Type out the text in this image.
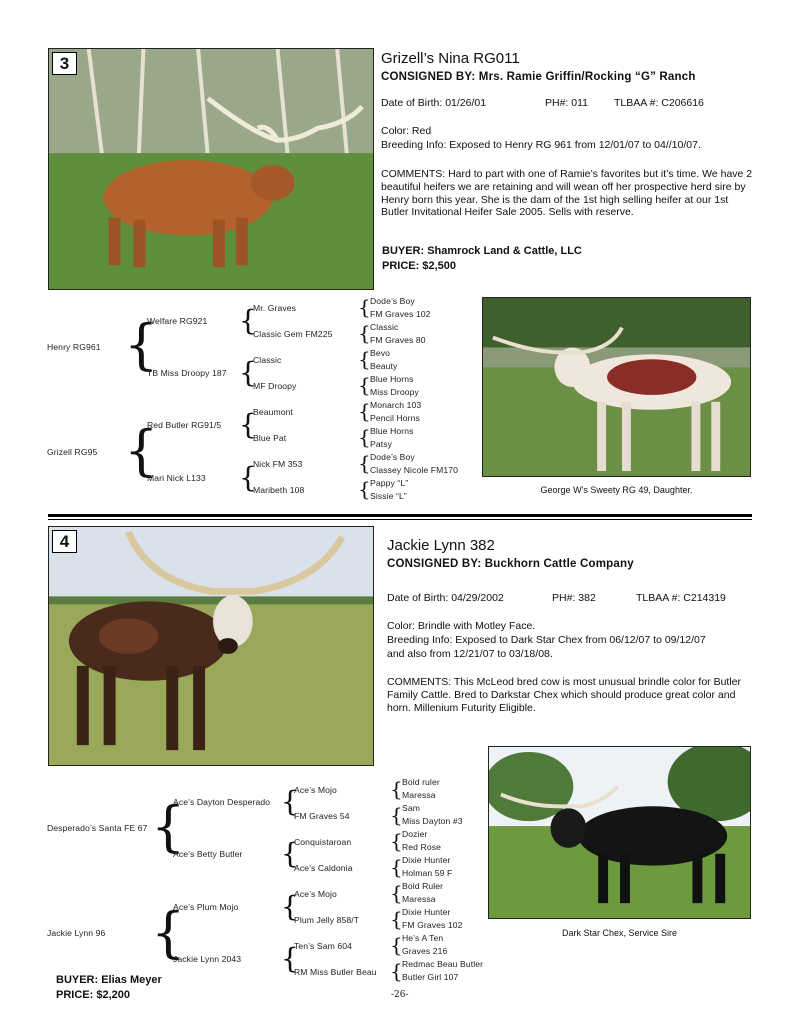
3	Grizell’s Nina RG011
CONSIGNED BY: Mrs. Ramie Griffin/Rocking “G” Ranch
Date of Birth: 01/26/01	PH#: 011 TLBAA #: C206616
Color: Red
Breeding Info: Exposed to Henry RG 961 from 12/01/07 to 04//10/07.
COMMENTS: Hard to part with one of Ramie’s favorites but it’s time. We have 2 beautiful heifers we are retaining and will wean off her prospective herd sire by Henry born this year. She is the dam of the 1st high selling heifer at our 1st Butler Invitational Heifer Sale 2005. Sells with reserve.
BUYER: Shamrock Land & Cattle, LLC
PRICE: $2,500
Henry RG961
Grizell RG95
{
{
Welfare RG921
TB Miss Droopy 187
Red Butler RG91/5
Mari Nick L133
{
{
{
{
Mr. Graves
Classic Gem FM225
Classic
MF Droopy
Beaumont
Blue Pat
Nick FM 353
Maribeth 108
{
{
{
{
{
{
{
{
Dode’s Boy
FM Graves 102
Classic
FM Graves 80
Bevo
Beauty
Blue Horns
Miss Droopy
Monarch 103
Pencil Horns
Blue Horns
Patsy
Dode’s Boy
Classey Nicole FM170
Pappy “L”
Sissie “L”
George W’s Sweety RG 49, Daughter.
4	Jackie Lynn 382
CONSIGNED BY: Buckhorn Cattle Company
Date of Birth: 04/29/2002	PH#: 382	TLBAA #: C214319
Color: Brindle with Motley Face.
Breeding Info: Exposed to Dark Star Chex from 06/12/07 to 09/12/07
and also from 12/21/07 to 03/18/08.
COMMENTS: This McLeod bred cow is most unusual brindle color for Butler Family Cattle. Bred to Darkstar Chex which should produce great color and horn. Millenium Futurity Eligible.
Desperado’s Santa FE 67
Jackie Lynn 96
{
{
Ace’s Dayton Desperado
Ace’s Betty Butler
Ace’s Plum Mojo
Jackie Lynn 2043
{
{
{
{
Ace’s Mojo
FM Graves 54
Conquistaroan
Ace’s Caldonia
Ace’s Mojo
Plum Jelly 858/T
Ten’s Sam 604
RM Miss Butler Beau
{
{
{
{
{
{
{
{
Bold ruler
Maressa
Sam
Miss Dayton #3
Dozier
Red Rose
Dixie Hunter
Holman 59 F
Bold Ruler
Maressa
Dixie Hunter
FM Graves 102
He’s A Ten
Graves 216
Redmac Beau Butler
Butler Girl 107
Dark Star Chex, Service Sire
BUYER: Elias Meyer
PRICE: $2,200	-26-
